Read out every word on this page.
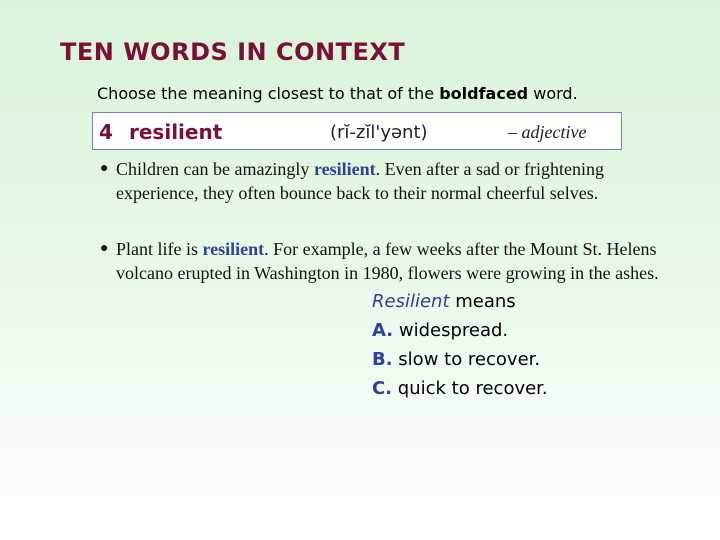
TEN WORDS IN CONTEXT
Choose the meaning closest to that of the boldfaced word.
4 resilient	(rĭ-zĭl'yənt)	– adjective
● Children can be amazingly resilient. Even after a sad or frightening experience, they often bounce back to their normal cheerful selves.
● Plant life is resilient. For example, a few weeks after the Mount St. Helens volcano erupted in Washington in 1980, flowers were growing in the ashes.
Resilient means
A. widespread.
B. slow to recover.
C. quick to recover.
